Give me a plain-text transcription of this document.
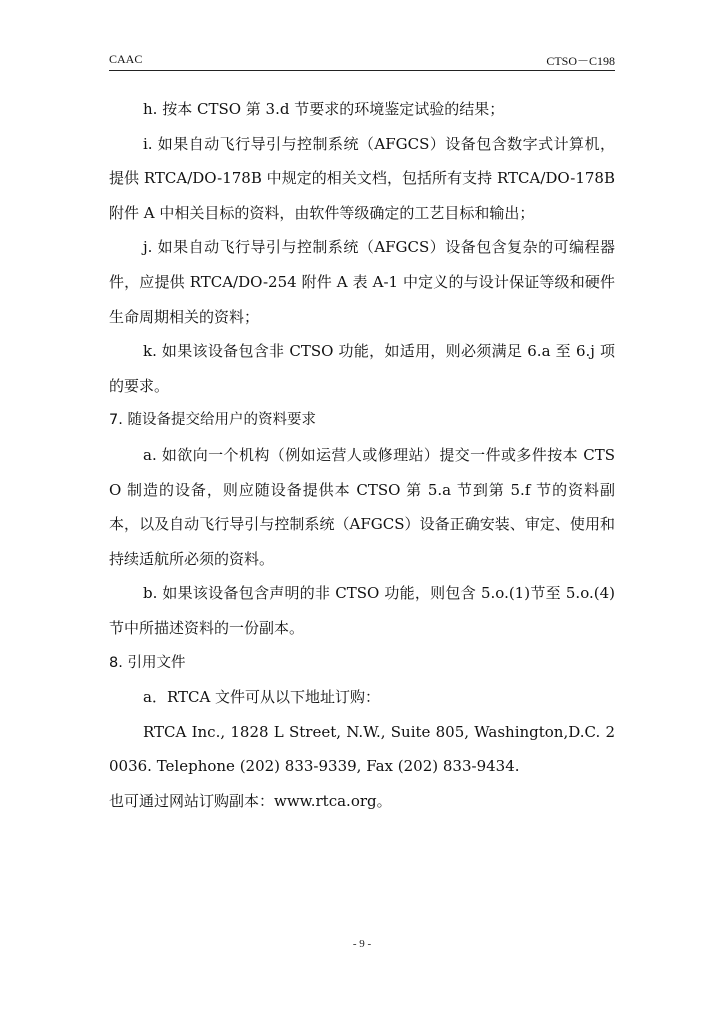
CAAC	CTSO－C198

h. 按本 CTSO 第 3.d 节要求的环境鉴定试验的结果；

i. 如果自动飞行导引与控制系统（AFGCS）设备包含数字式计算机，提供 RTCA/DO-178B 中规定的相关文档，包括所有支持 RTCA/DO-178B 附件 A 中相关目标的资料，由软件等级确定的工艺目标和输出；

j. 如果自动飞行导引与控制系统（AFGCS）设备包含复杂的可编程器件，应提供 RTCA/DO-254 附件 A 表 A-1 中定义的与设计保证等级和硬件生命周期相关的资料；

k. 如果该设备包含非 CTSO 功能，如适用，则必须满足 6.a 至 6.j 项的要求。

7. 随设备提交给用户的资料要求

a. 如欲向一个机构（例如运营人或修理站）提交一件或多件按本 CTSO 制造的设备，则应随设备提供本 CTSO 第 5.a 节到第 5.f 节的资料副本，以及自动飞行导引与控制系统（AFGCS）设备正确安装、审定、使用和持续适航所必须的资料。

b. 如果该设备包含声明的非 CTSO 功能，则包含 5.o.(1)节至 5.o.(4)节中所描述资料的一份副本。

8. 引用文件

a．RTCA 文件可从以下地址订购：

RTCA Inc., 1828 L Street, N.W., Suite 805, Washington,D.C. 20036. Telephone (202) 833-9339, Fax (202) 833-9434.

也可通过网站订购副本：www.rtca.org。

- 9 -
